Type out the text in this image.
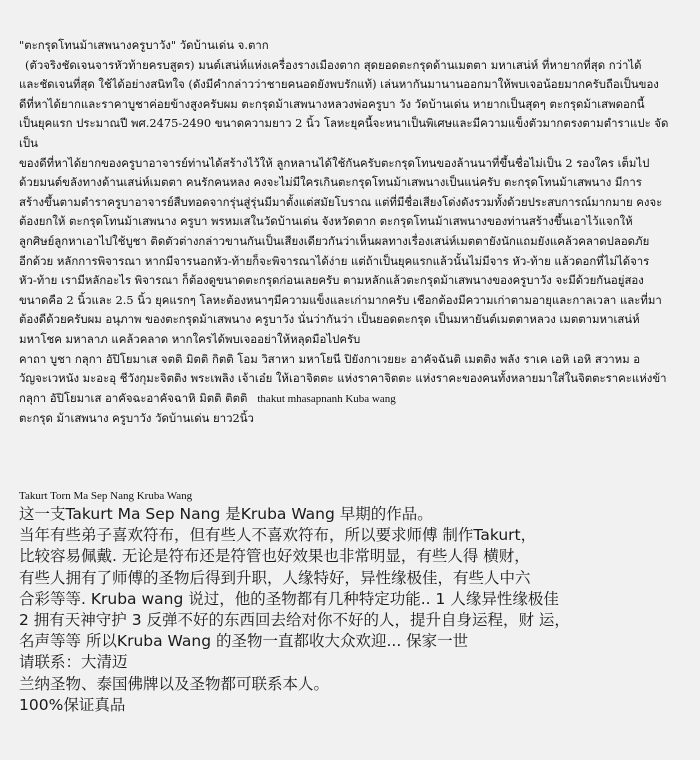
"ตะกรุดโทนม้าเสพนางครูบาวัง" วัดบ้านเด่น จ.ตาก

(ตัวจริงชัดเจนจารหัวท้ายครบสูตร) มนต์เสน่ห์แห่งเครื่องรางเมืองตาก สุดยอดตะกรุดด้านเมตตา มหาเสน่ห์ ที่หายากที่สุด กว่าได้

และชัดเจนที่สุด ใช้ได้อย่างสนิทใจ (ดังมีคำกล่าวว่าชายคนอดยังพบรักแท้) เล่นหากันมานานออกมาให้พบเจอน้อยมากครับถือเป็นของ

ดีที่หาได้ยากและราคาบูชาค่อยข้างสูงครับผม ตะกรุดม้าเสพนางหลวงพ่อครูบา วัง วัดบ้านเด่น หายากเป็นสุดๆ ตะกรุดม้าเสพดอกนี้

เป็นยุคแรก ประมาณปี พศ.2475-2490 ขนาดความยาว 2 นิ้ว โลหะยุคนี้จะหนาเป็นพิเศษและมีความแข็งตัวมากตรงตามตำราแปะ จัดเป็น

ของดีที่หาได้ยากของครูบาอาจารย์ท่านได้สร้างไว้ให้ ลูกหลานได้ใช้กันครับตะกรุดโทนของล้านนาที่ขึ้นชื่อไม่เป็น 2 รองใคร เต็มไป

ด้วยมนต์ขลังทางด้านเสน่ห์เมตตา คนรักคนหลง คงจะไม่มีใครเกินตะกรุดโทนม้าเสพนางเป็นแน่ครับ ตะกรุดโทนม้าเสพนาง มีการ

สร้างขึ้นตามตำราครูบาอาจารย์สืบทอดจากรุ่นสู่รุ่นมีมาตั้งแต่สมัยโบราณ แต่ที่มีชื่อเสียงโด่งดังรวมทั้งด้วยประสบการณ์มากมาย คงจะ

ต้องยกให้ ตะกรุดโทนม้าเสพนาง ครูบา พรหมเสในวัดบ้านเด่น จังหวัดตาก ตะกรุดโทนม้าเสพนางของท่านสร้างขึ้นเอาไว้แจกให้

ลูกศิษย์ลูกหาเอาไปใช้บูชา ติดตัวต่างกล่าวขานกันเป็นเสียงเดียวกันว่าเห็นผลทางเรื่องเสน่ห์เมตตายังนักแถมยังแคล้วคลาดปลอดภัย

อีกด้วย หลักการพิจารณา หากมีจารนอกหัว-ท้ายก็จะพิจารณาได้ง่าย แต่ถ้าเป็นยุคแรกแล้วนั้นไม่มีจาร หัว-ท้าย แล้วดอกที่ไม่ได้จาร

หัว-ท้าย เรามีหลักอะไร พิจารณา ก็ต้องดูขนาดตะกรุดก่อนเลยครับ ตามหลักแล้วตะกรุดม้าเสพนางของครูบาวัง จะมีด้วยกันอยู่สอง

ขนาดคือ 2 นิ้วและ 2.5 นิ้ว ยุคแรกๆ โลหะต้องหนาๆมีความแข็งและเก่ามากครับ เชือกต้องมีความเก่าตามอายุและกาลเวลา และที่มา

ต้องดีด้วยครับผม อนุภาพ ของตะกรุดม้าเสพนาง ครูบาวัง นั่นว่ากันว่า เป็นยอดตะกรุด เป็นมหายันต์เมตตาหลวง เมตตามหาเสน่ห์

มหาโชค มหาลาภ แคล้วคลาด หากใครได้พบเจออย่าให้หลุดมือไปครับ

คาถา บูชา กลุกา อัปิโยมาเส จตติ มิตติ กิตติ โอม วิสาหา มหาโยนี ปิยังกาเวยยะ อาคัจฉันติ เมตติง พลัง ราเค เอหิ เอหิ สวาหม อ

วัญจะเวหนัง มะอะอุ ชีวังกุมะจิตติง พระเพลิง เจ้าเอ๋ย ให้เอาจิตตะ แห่งราคาจิตตะ แห่งราคะของคนทั้งหลายมาใส่ในจิตตะราคะแห่งข้า

กลุกา อัปิโยมาเส อาคัจฉะอาคัจฉาหิ มิตติ ติตติ thakut mhasapnanh Kuba wang

ตะกรุด ม้าเสพนาง ครูบาวัง วัดบ้านเด่น ยาว2นิ้ว

Takurt Torn Ma Sep Nang Kruba Wang

这一支Takurt Ma Sep Nang 是Kruba Wang 早期的作品。

当年有些弟子喜欢符布，但有些人不喜欢符布，所以要求师傅 制作Takurt，

比较容易佩戴. 无论是符布还是符管也好效果也非常明显，有些人得 横财，

有些人拥有了师傅的圣物后得到升职，人缘特好，异性缘极佳，有些人中六

合彩等等. Kruba wang 说过，他的圣物都有几种特定功能.. 1 人缘异性缘极佳

2 拥有天神守护 3 反弹不好的东西回去给对你不好的人，提升自身运程，财 运，

名声等等 所以Kruba Wang 的圣物一直都收大众欢迎... 保家一世

请联系：大清迈

兰纳圣物、泰国佛牌以及圣物都可联系本人。

100%保证真品
